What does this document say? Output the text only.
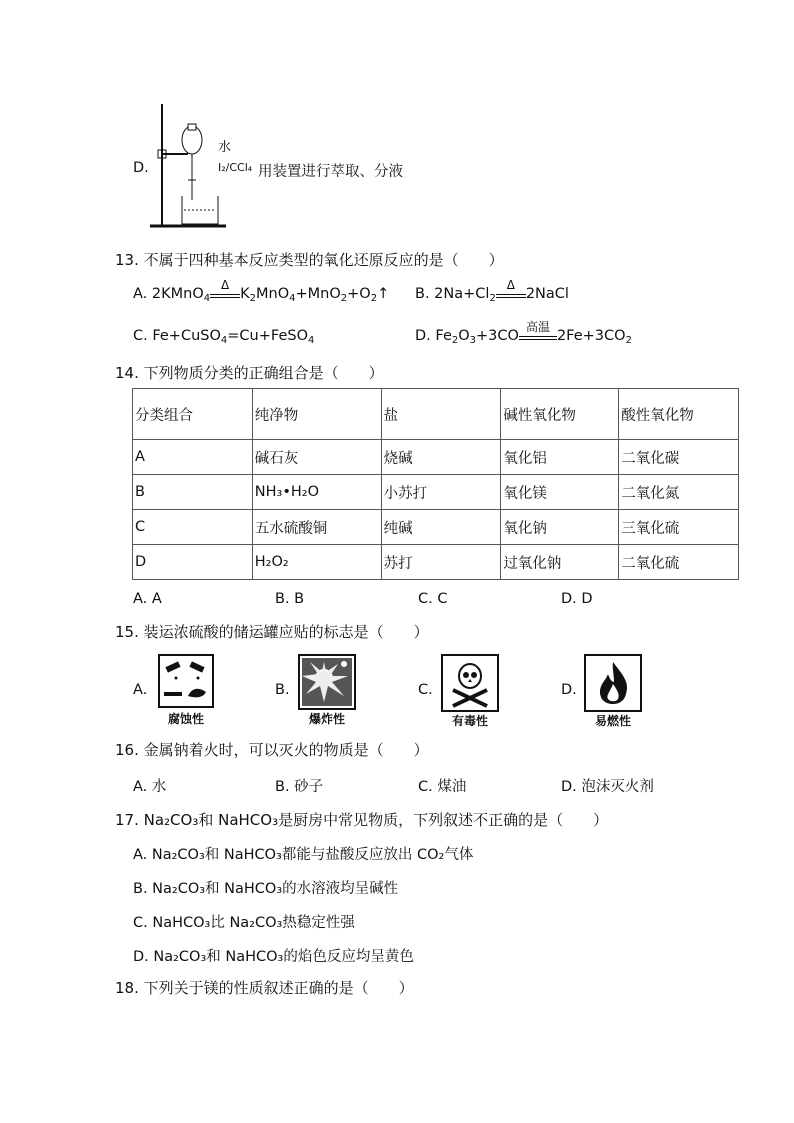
D.
水
I₂/CCl₄ 用装置进行萃取、分液
13. 不属于四种基本反应类型的氧化还原反应的是（　　）
A. 2KMnO$_4$
Δ
$K_2MnO_4+MnO_2+O_2↑$ B. $2Na+Cl_2$
Δ
2NaCl
C. Fe+CuSO$_4$=Cu+FeSO$_4$	D. $Fe_2O_3+3CO$
高温
$2Fe+3CO_2$
14. 下列物质分类的正确组合是（　　）
分类组合	纯净物	盐	碱性氧化物	酸性氧化物
A	碱石灰	烧碱	氧化铝	二氧化碳
B	NH₃•H₂O	小苏打	氧化镁	二氧化氮
C	五水硫酸铜	纯碱	氧化钠	三氧化硫
D	H₂O₂	苏打	过氧化钠	二氧化硫
A. A	B. B	C. C	D. D
15. 装运浓硫酸的储运罐应贴的标志是（　　）
A.
腐蚀性
B.
爆炸性
C.
有毒性
D.
易燃性
16. 金属钠着火时，可以灭火的物质是（　　）
A. 水	B. 砂子	C. 煤油	D. 泡沫灭火剂
17. Na₂CO₃和 NaHCO₃是厨房中常见物质，下列叙述不正确的是（　　）
A. Na₂CO₃和 NaHCO₃都能与盐酸反应放出 CO₂气体
B. Na₂CO₃和 NaHCO₃的水溶液均呈碱性
C. NaHCO₃比 Na₂CO₃热稳定性强
D. Na₂CO₃和 NaHCO₃的焰色反应均呈黄色
18. 下列关于镁的性质叙述正确的是（　　）
